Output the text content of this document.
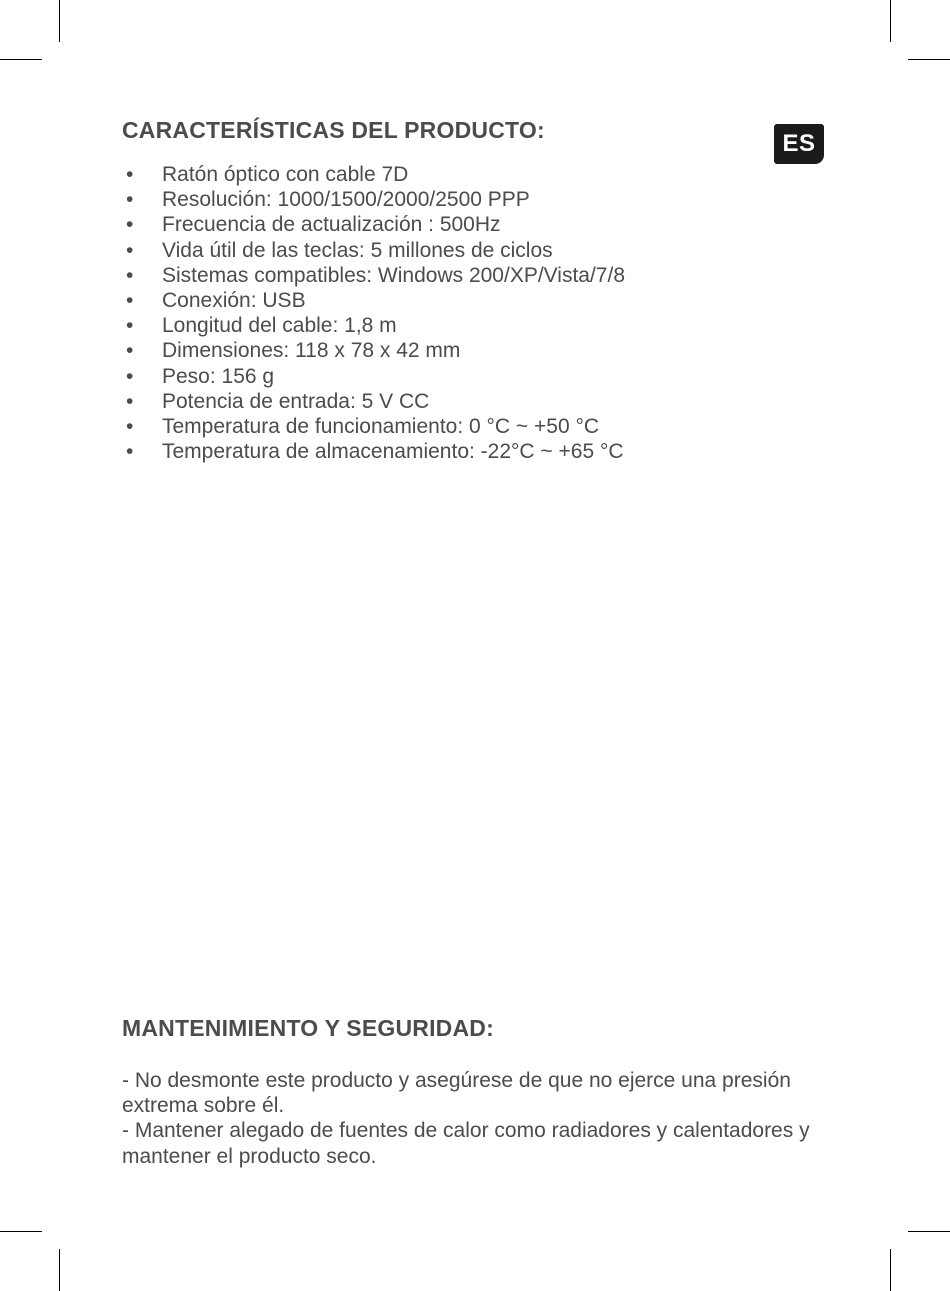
ES
CARACTERÍSTICAS DEL PRODUCTO:
• Ratón óptico con cable 7D
• Resolución: 1000/1500/2000/2500 PPP
• Frecuencia de actualización : 500Hz
• Vida útil de las teclas: 5 millones de ciclos
• Sistemas compatibles: Windows 200/XP/Vista/7/8
• Conexión: USB
• Longitud del cable: 1,8 m
• Dimensiones: 118 x 78 x 42 mm
• Peso: 156 g
• Potencia de entrada: 5 V CC
• Temperatura de funcionamiento: 0 °C ~ +50 °C
• Temperatura de almacenamiento: -22°C ~ +65 °C
MANTENIMIENTO Y SEGURIDAD:

- No desmonte este producto y asegúrese de que no ejerce una presión extrema sobre él.

- Mantener alegado de fuentes de calor como radiadores y calentadores y mantener el producto seco.
